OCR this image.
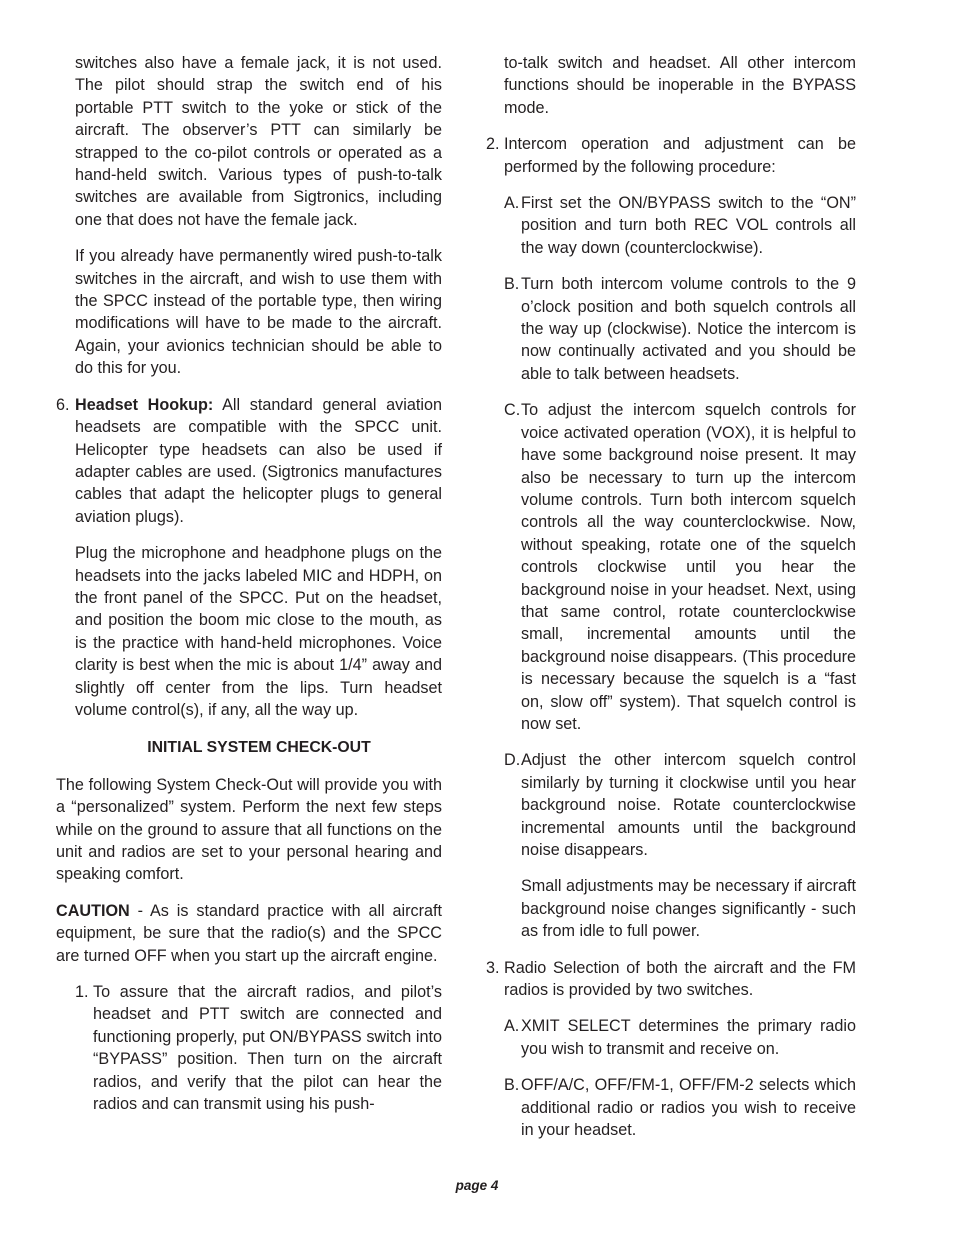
switches also have a female jack, it is not used. The pilot should strap the switch end of his portable PTT switch to the yoke or stick of the aircraft. The observer’s PTT can similarly be strapped to the co-pilot controls or operated as a hand-held switch. Various types of push-to-talk switches are available from Sigtronics, including one that does not have the female jack.

If you already have permanently wired push-to-talk switches in the aircraft, and wish to use them with the SPCC instead of the portable type, then wiring modifications will have to be made to the aircraft. Again, your avionics technician should be able to do this for you.

6. Headset Hookup: All standard general aviation headsets are compatible with the SPCC unit. Helicopter type headsets can also be used if adapter cables are used. (Sigtronics manufactures cables that adapt the helicopter plugs to general aviation plugs).

Plug the microphone and headphone plugs on the headsets into the jacks labeled MIC and HDPH, on the front panel of the SPCC. Put on the headset, and position the boom mic close to the mouth, as is the practice with hand-held microphones. Voice clarity is best when the mic is about 1/4” away and slightly off center from the lips. Turn headset volume control(s), if any, all the way up.

INITIAL SYSTEM CHECK-OUT

The following System Check-Out will provide you with a “personalized” system. Perform the next few steps while on the ground to assure that all functions on the unit and radios are set to your personal hearing and speaking comfort.

CAUTION - As is standard practice with all aircraft equipment, be sure that the radio(s) and the SPCC are turned OFF when you start up the aircraft engine.

1. To assure that the aircraft radios, and pilot’s headset and PTT switch are connected and functioning properly, put ON/BYPASS switch into “BYPASS” position. Then turn on the aircraft radios, and verify that the pilot can hear the radios and can transmit using his push-

to-talk switch and headset. All other intercom functions should be inoperable in the BYPASS mode.

2. Intercom operation and adjustment can be performed by the following procedure:
A. First set the ON/BYPASS switch to the “ON” position and turn both REC VOL controls all the way down (counterclockwise).
B. Turn both intercom volume controls to the 9 o’clock position and both squelch controls all the way up (clockwise). Notice the intercom is now continually activated and you should be able to talk between headsets.
C. To adjust the intercom squelch controls for voice activated operation (VOX), it is helpful to have some background noise present. It may also be necessary to turn up the intercom volume controls. Turn both intercom squelch controls all the way counterclockwise. Now, without speaking, rotate one of the squelch controls clockwise until you hear the background noise in your headset. Next, using that same control, rotate counterclockwise small, incremental amounts until the background noise disappears. (This procedure is necessary because the squelch is a “fast on, slow off” system). That squelch control is now set.
D. Adjust the other intercom squelch control similarly by turning it clockwise until you hear background noise. Rotate counterclockwise incremental amounts until the background noise disappears.

Small adjustments may be necessary if aircraft background noise changes significantly - such as from idle to full power.

3. Radio Selection of both the aircraft and the FM radios is provided by two switches.
A. XMIT SELECT determines the primary radio you wish to transmit and receive on.
B. OFF/A/C, OFF/FM-1, OFF/FM-2 selects which additional radio or radios you wish to receive in your headset.
page 4
